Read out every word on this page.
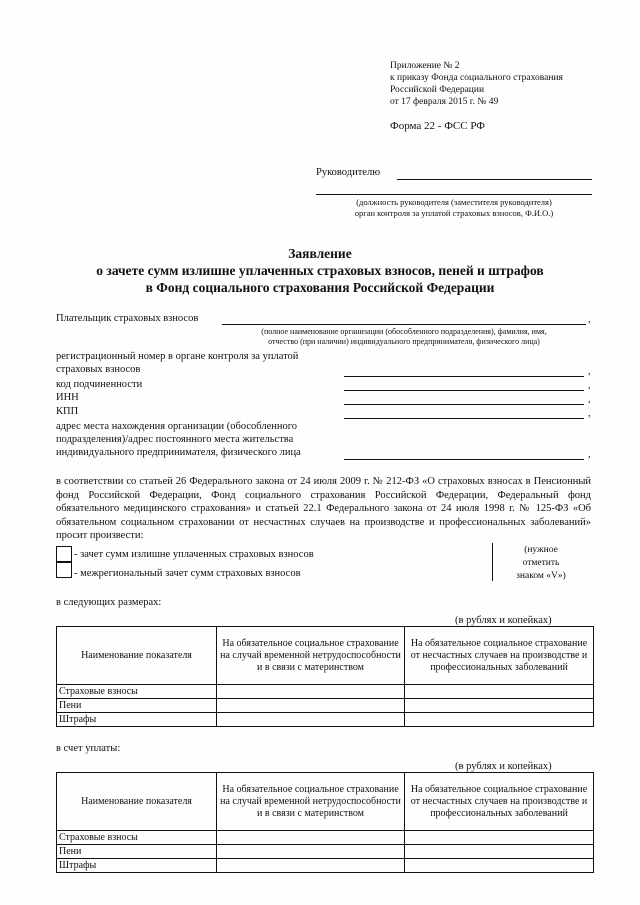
Приложение № 2
к приказу Фонда социального страхования
Российской Федерации
от 17 февраля 2015 г. № 49
Форма 22 - ФСС РФ
Руководителю
(должность руководителя (заместителя руководителя)
орган контроля за уплатой страховых взносов, Ф.И.О.)
Заявление
о зачете сумм излишне уплаченных страховых взносов, пеней и штрафов
в Фонд социального страхования Российской Федерации
Плательщик страховых взносов	,
(полное наименование организации (обособленного подразделения), фамилия, имя,
отчество (при наличии) индивидуального предпринимателя, физического лица)
регистрационный номер в органе контроля за уплатой
страховых взносов	,
код подчиненности	,
ИНН	,
КПП	,
адрес места нахождения организации (обособленного
подразделения)/адрес постоянного места жительства
индивидуального предпринимателя, физического лица	,
в соответствии со статьей 26 Федерального закона от 24 июля 2009 г. № 212-ФЗ «О страховых взносах в Пенсионный фонд Российской Федерации, Фонд социального страхования Российской Федерации, Федеральный фонд обязательного медицинского страхования» и статьей 22.1 Федерального закона от 24 июля 1998 г. № 125-ФЗ «Об обязательном социальном страховании от несчастных случаев на производстве и профессиональных заболеваний» просит произвести:
- зачет сумм излишне уплаченных страховых взносов
- межрегиональный зачет сумм страховых взносов
(нужное
отметить
знаком «V»)
в следующих размерах:
(в рублях и копейках)
Наименование показателя	На обязательное социальное страхование на случай временной нетрудоспособности и в связи с материнством	На обязательное социальное страхование от несчастных случаев на производстве и профессиональных заболеваний
Страховые взносы		
Пени		
Штрафы		
в счет уплаты:
(в рублях и копейках)
Наименование показателя	На обязательное социальное страхование на случай временной нетрудоспособности и в связи с материнством	На обязательное социальное страхование от несчастных случаев на производстве и профессиональных заболеваний
Страховые взносы		
Пени		
Штрафы		
